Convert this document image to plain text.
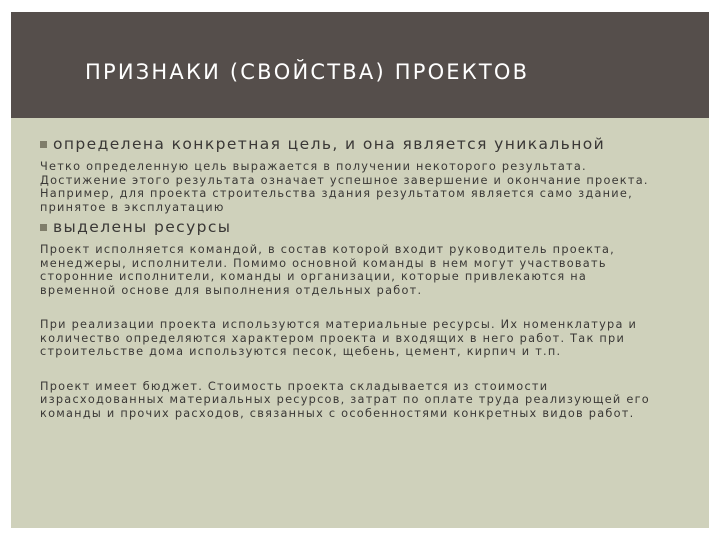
ПРИЗНАКИ (СВОЙСТВА) ПРОЕКТОВ
определена конкретная цель, и она является уникальной

Четко определенную цель выражается в получении некоторого результата.
Достижение этого результата означает успешное завершение и окончание проекта.
Например, для проекта строительства здания результатом является само здание,
принятое в эксплуатацию

выделены ресурсы

Проект исполняется командой, в состав которой входит руководитель проекта,
менеджеры, исполнители. Помимо основной команды в нем могут участвовать
сторонние исполнители, команды и организации, которые привлекаются на
временной основе для выполнения отдельных работ.

При реализации проекта используются материальные ресурсы. Их номенклатура и
количество определяются характером проекта и входящих в него работ. Так при
строительстве дома используются песок, щебень, цемент, кирпич и т.п.

Проект имеет бюджет. Стоимость проекта складывается из стоимости
израсходованных материальных ресурсов, затрат по оплате труда реализующей его
команды и прочих расходов, связанных с особенностями конкретных видов работ.
